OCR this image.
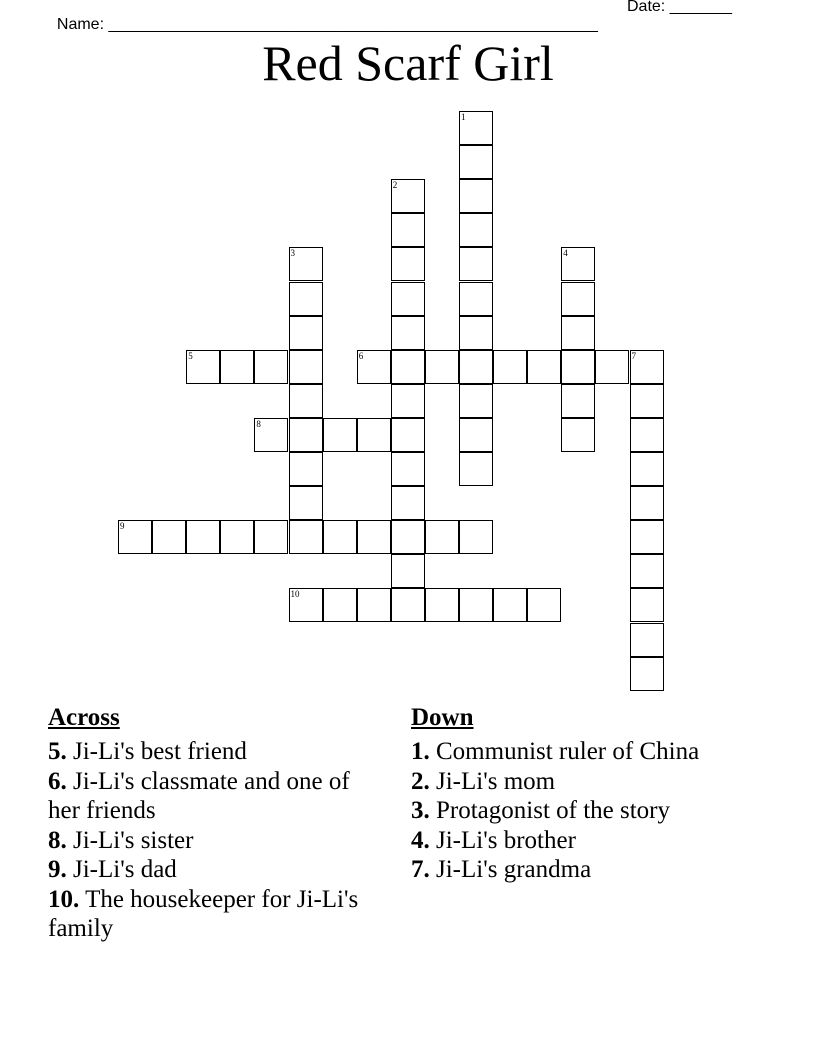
Name: _______________________________________________________

Date: _______

Red Scarf Girl
1
2
3	4
5	6	7
8
9
10
Across

5. Ji-Li's best friend

6. Ji-Li's classmate and one of her friends

8. Ji-Li's sister

9. Ji-Li's dad

10. The housekeeper for Ji-Li's family

Down

1. Communist ruler of China

2. Ji-Li's mom

3. Protagonist of the story

4. Ji-Li's brother

7. Ji-Li's grandma
